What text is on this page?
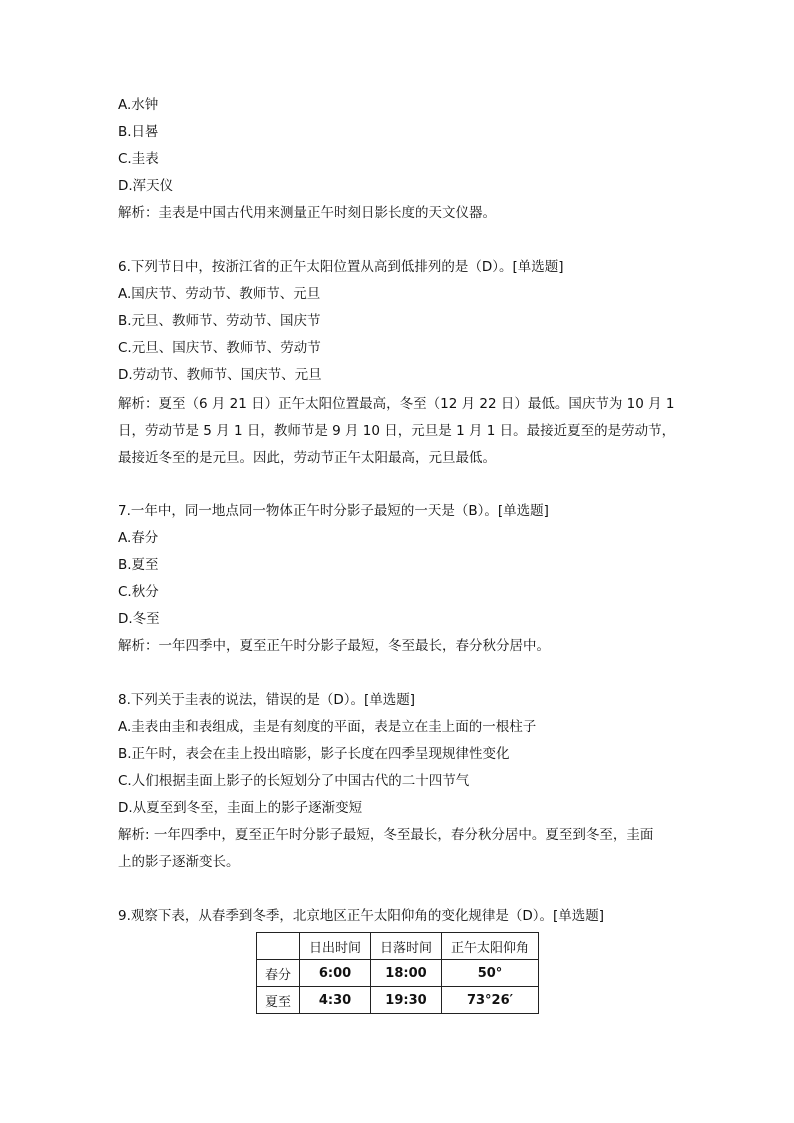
A.水钟
B.日晷
C.圭表
D.浑天仪
解析：圭表是中国古代用来测量正午时刻日影长度的天文仪器。
6.下列节日中，按浙江省的正午太阳位置从高到低排列的是（D）。[单选题]
A.国庆节、劳动节、教师节、元旦
B.元旦、教师节、劳动节、国庆节
C.元旦、国庆节、教师节、劳动节
D.劳动节、教师节、国庆节、元旦
解析：夏至（6 月 21 日）正午太阳位置最高，冬至（12 月 22 日）最低。国庆节为 10 月 1
日，劳动节是 5 月 1 日，教师节是 9 月 10 日，元旦是 1 月 1 日。最接近夏至的是劳动节，
最接近冬至的是元旦。因此，劳动节正午太阳最高，元旦最低。
7.一年中，同一地点同一物体正午时分影子最短的一天是（B）。[单选题]
A.春分
B.夏至
C.秋分
D.冬至
解析：一年四季中，夏至正午时分影子最短，冬至最长，春分秋分居中。
8.下列关于圭表的说法，错误的是（D）。[单选题]
A.圭表由圭和表组成，圭是有刻度的平面，表是立在圭上面的一根柱子
B.正午时，表会在圭上投出暗影，影子长度在四季呈现规律性变化
C.人们根据圭面上影子的长短划分了中国古代的二十四节气
D.从夏至到冬至，圭面上的影子逐渐变短
解析: 一年四季中，夏至正午时分影子最短，冬至最长，春分秋分居中。夏至到冬至，圭面
上的影子逐渐变长。
9.观察下表，从春季到冬季，北京地区正午太阳仰角的变化规律是（D）。[单选题]
	日出时间	日落时间	正午太阳仰角
春分	6:00	18:00	50°
夏至	4:30	19:30	73°26′
